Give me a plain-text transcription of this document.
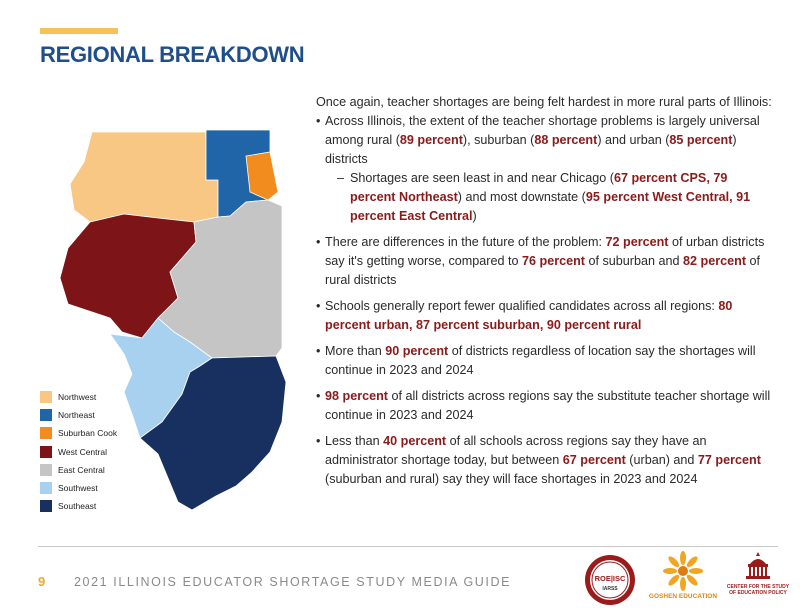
REGIONAL BREAKDOWN
Northwest
Northeast
Suburban Cook
West Central
East Central
Southwest
Southeast

Once again, teacher shortages are being felt hardest in more rural parts of Illinois:

• Across Illinois, the extent of the teacher shortage problems is largely universal among rural (89 percent), suburban (88 percent) and urban (85 percent) districts
– Shortages are seen least in and near Chicago (67 percent CPS, 79 percent Northeast) and most downstate (95 percent West Central, 91 percent East Central)
• There are differences in the future of the problem: 72 percent of urban districts say it's getting worse, compared to 76 percent of suburban and 82 percent of rural districts
• Schools generally report fewer qualified candidates across all regions: 80 percent urban, 87 percent suburban, 90 percent rural
• More than 90 percent of districts regardless of location say the shortages will continue in 2023 and 2024
• 98 percent of all districts across regions say the substitute teacher shortage will continue in 2023 and 2024
• Less than 40 percent of all schools across regions say they have an administrator shortage today, but between 67 percent (urban) and 77 percent (suburban and rural) say they will face shortages in 2023 and 2024
9 2021 ILLINOIS EDUCATOR SHORTAGE STUDY MEDIA GUIDE	ROE|ISC
IARSS
GOSHEN EDUCATION
CENTER FOR THE STUDY OF EDUCATION POLICY
